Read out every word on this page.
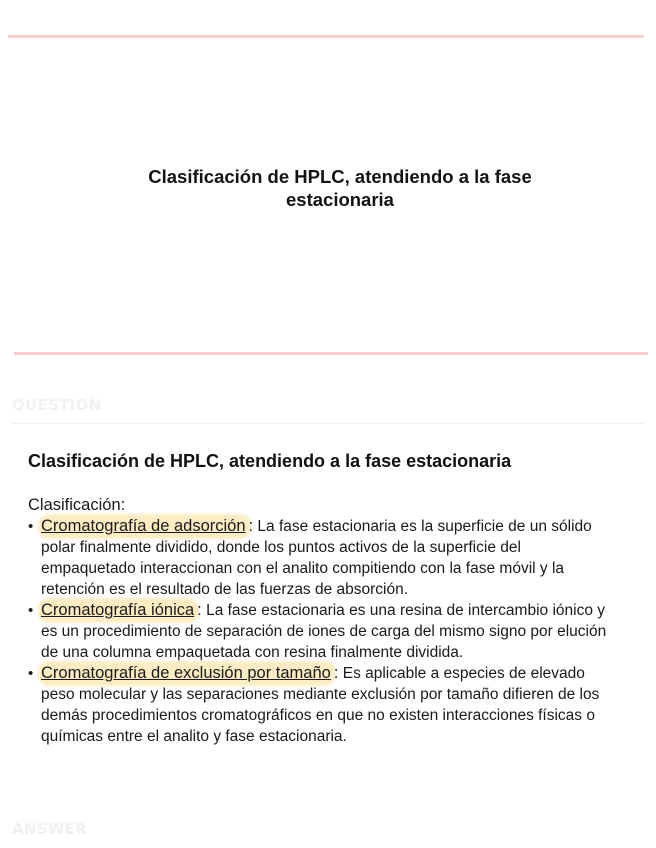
Clasificación de HPLC, atendiendo a la fase estacionaria
QUESTION
Clasificación de HPLC, atendiendo a la fase estacionaria
Clasificación:
• Cromatografía de adsorción : La fase estacionaria es la superficie de un sólido polar finalmente dividido, donde los puntos activos de la superficie del empaquetado interaccionan con el analito compitiendo con la fase móvil y la retención es el resultado de las fuerzas de absorción.
• Cromatografía iónica : La fase estacionaria es una resina de intercambio iónico y es un procedimiento de separación de iones de carga del mismo signo por elución de una columna empaquetada con resina finalmente dividida.
• Cromatografía de exclusión por tamaño : Es aplicable a especies de elevado peso molecular y las separaciones mediante exclusión por tamaño difieren de los demás procedimientos cromatográficos en que no existen interacciones físicas o químicas entre el analito y fase estacionaria.
ANSWER
